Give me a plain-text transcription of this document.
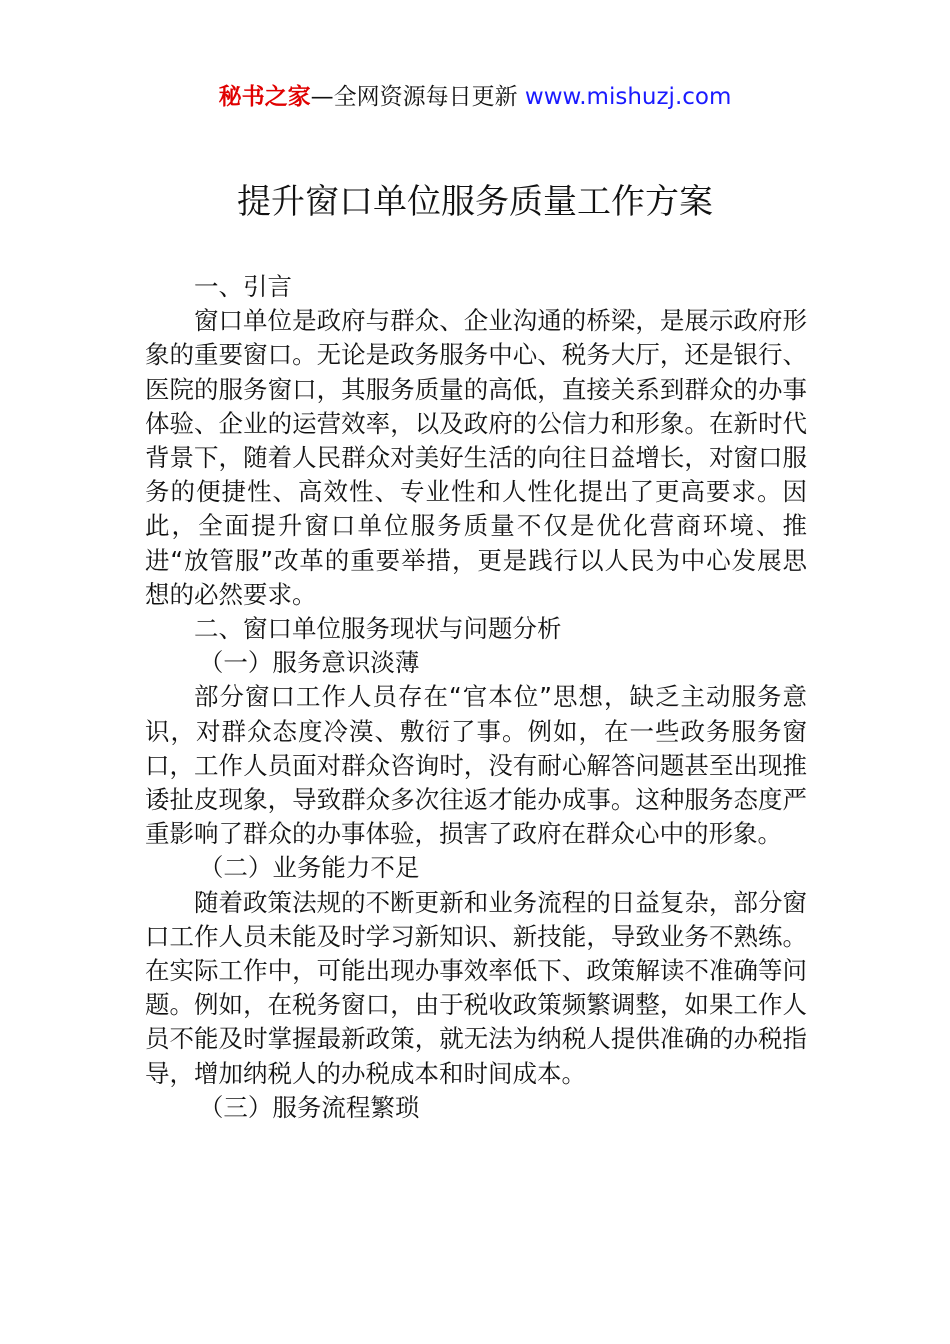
秘书之家—全网资源每日更新 www.mishuzj.com
提升窗口单位服务质量工作方案

一、引言

窗口单位是政府与群众、企业沟通的桥梁，是展示政府形象的重要窗口。无论是政务服务中心、税务大厅，还是银行、医院的服务窗口，其服务质量的高低，直接关系到群众的办事体验、企业的运营效率，以及政府的公信力和形象。在新时代背景下，随着人民群众对美好生活的向往日益增长，对窗口服务的便捷性、高效性、专业性和人性化提出了更高要求。因此，全面提升窗口单位服务质量不仅是优化营商环境、推进“放管服”改革的重要举措，更是践行以人民为中心发展思想的必然要求。

二、窗口单位服务现状与问题分析

（一）服务意识淡薄

部分窗口工作人员存在“官本位”思想，缺乏主动服务意识，对群众态度冷漠、敷衍了事。例如，在一些政务服务窗口，工作人员面对群众咨询时，没有耐心解答问题甚至出现推诿扯皮现象，导致群众多次往返才能办成事。这种服务态度严重影响了群众的办事体验，损害了政府在群众心中的形象。

（二）业务能力不足

随着政策法规的不断更新和业务流程的日益复杂，部分窗口工作人员未能及时学习新知识、新技能，导致业务不熟练。在实际工作中，可能出现办事效率低下、政策解读不准确等问题。例如，在税务窗口，由于税收政策频繁调整，如果工作人员不能及时掌握最新政策，就无法为纳税人提供准确的办税指导，增加纳税人的办税成本和时间成本。

（三）服务流程繁琐
